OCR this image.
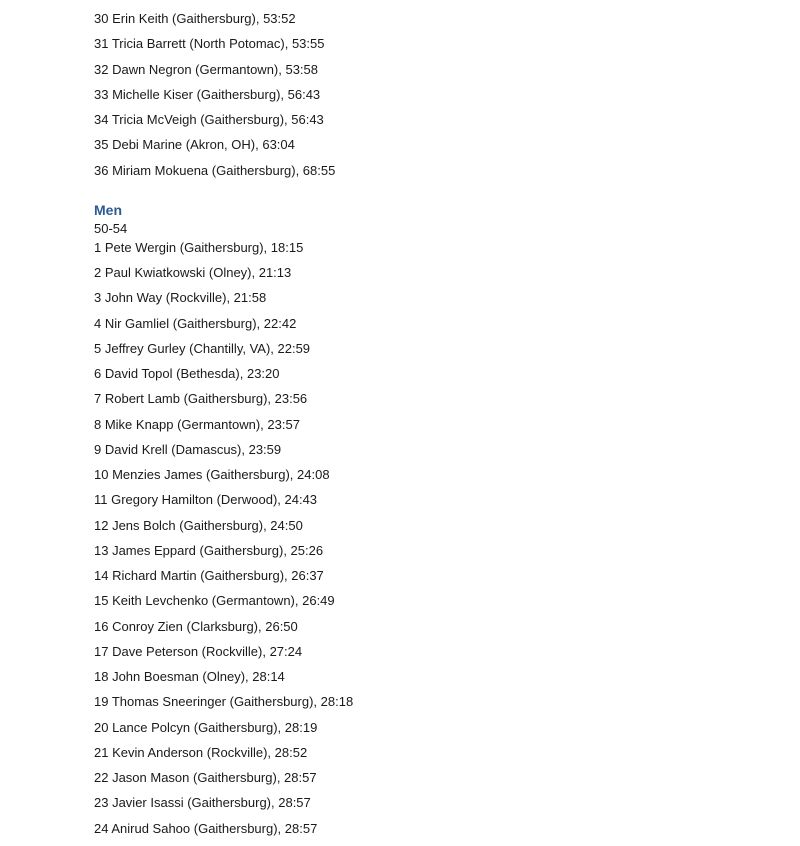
30 Erin Keith (Gaithersburg), 53:52

31 Tricia Barrett (North Potomac), 53:55

32 Dawn Negron (Germantown), 53:58

33 Michelle Kiser (Gaithersburg), 56:43

34 Tricia McVeigh (Gaithersburg), 56:43

35 Debi Marine (Akron, OH), 63:04

36 Miriam Mokuena (Gaithersburg), 68:55

Men
50-54

1 Pete Wergin (Gaithersburg), 18:15

2 Paul Kwiatkowski (Olney), 21:13

3 John Way (Rockville), 21:58

4 Nir Gamliel (Gaithersburg), 22:42

5 Jeffrey Gurley (Chantilly, VA), 22:59

6 David Topol (Bethesda), 23:20

7 Robert Lamb (Gaithersburg), 23:56

8 Mike Knapp (Germantown), 23:57

9 David Krell (Damascus), 23:59

10 Menzies James (Gaithersburg), 24:08

11 Gregory Hamilton (Derwood), 24:43

12 Jens Bolch (Gaithersburg), 24:50

13 James Eppard (Gaithersburg), 25:26

14 Richard Martin (Gaithersburg), 26:37

15 Keith Levchenko (Germantown), 26:49

16 Conroy Zien (Clarksburg), 26:50

17 Dave Peterson (Rockville), 27:24

18 John Boesman (Olney), 28:14

19 Thomas Sneeringer (Gaithersburg), 28:18

20 Lance Polcyn (Gaithersburg), 28:19

21 Kevin Anderson (Rockville), 28:52

22 Jason Mason (Gaithersburg), 28:57

23 Javier Isassi (Gaithersburg), 28:57

24 Anirud Sahoo (Gaithersburg), 28:57
